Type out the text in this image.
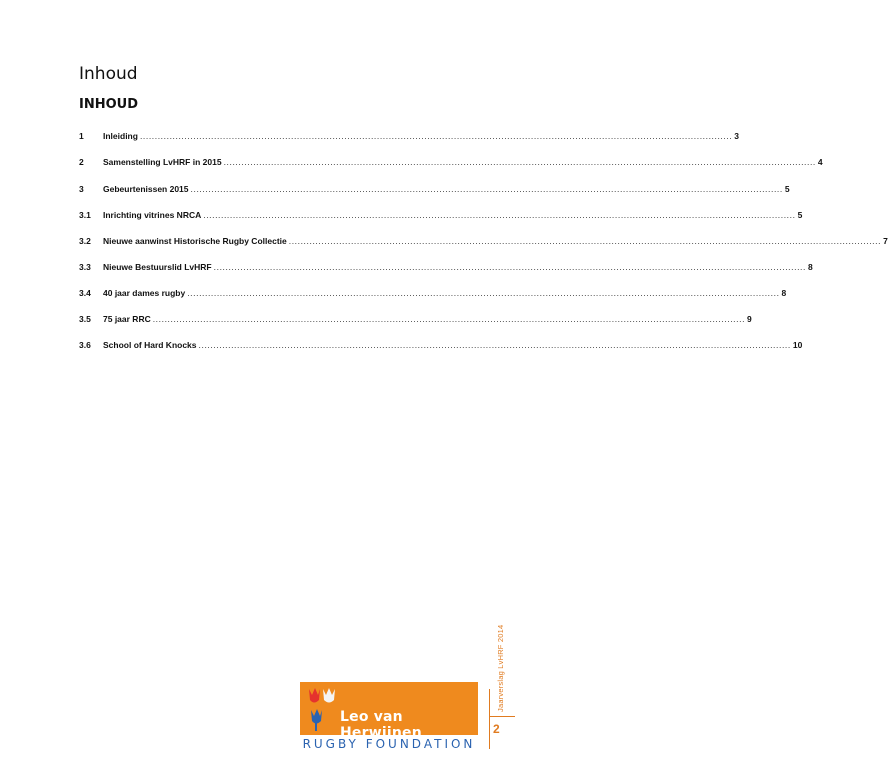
Inhoud
INHOUD
1	Inleiding ........................................................................................................................................................................................................ 3
2	Samenstelling LvHRF in 2015 ........................................................................................................................................................................................................ 4
3	Gebeurtenissen 2015 ........................................................................................................................................................................................................ 5
3.1	Inrichting vitrines NRCA ........................................................................................................................................................................................................ 5
3.2	Nieuwe aanwinst Historische Rugby Collectie ........................................................................................................................................................................................................ 7
3.3	Nieuwe Bestuurslid LvHRF ........................................................................................................................................................................................................ 8
3.4	40 jaar dames rugby ........................................................................................................................................................................................................ 8
3.5	75 jaar RRC ........................................................................................................................................................................................................ 9
3.6	School of Hard Knocks ........................................................................................................................................................................................................ 10
Jaarverslag LvHRF 2014
2
Leo van Herwijnen
RUGBY FOUNDATION
